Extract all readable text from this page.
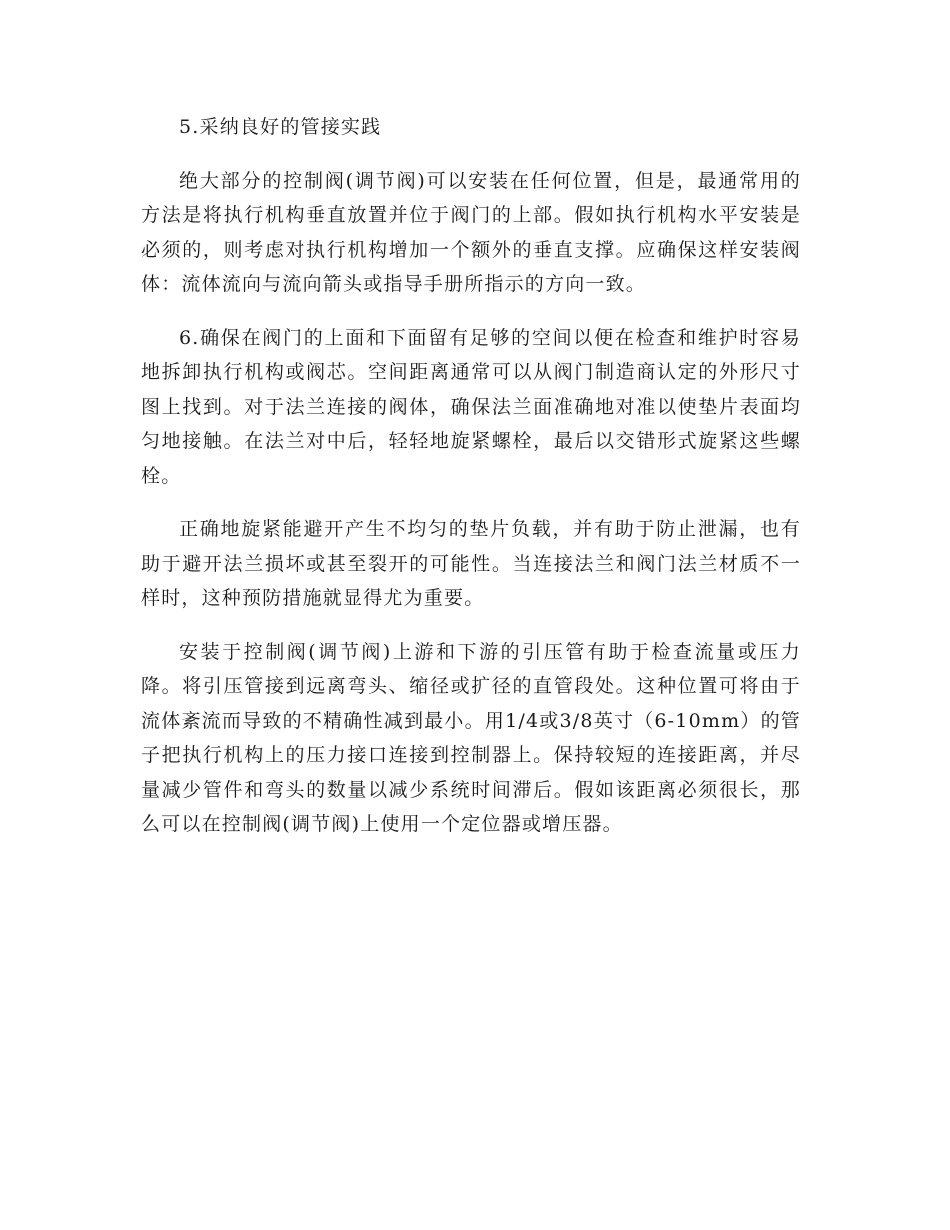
5.采纳良好的管接实践

绝大部分的控制阀(调节阀)可以安装在任何位置，但是，最通常用的方法是将执行机构垂直放置并位于阀门的上部。假如执行机构水平安装是必须的，则考虑对执行机构增加一个额外的垂直支撑。应确保这样安装阀体：流体流向与流向箭头或指导手册所指示的方向一致。

6.确保在阀门的上面和下面留有足够的空间以便在检查和维护时容易地拆卸执行机构或阀芯。空间距离通常可以从阀门制造商认定的外形尺寸图上找到。对于法兰连接的阀体，确保法兰面准确地对准以使垫片表面均匀地接触。在法兰对中后，轻轻地旋紧螺栓，最后以交错形式旋紧这些螺栓。

正确地旋紧能避开产生不均匀的垫片负载，并有助于防止泄漏，也有助于避开法兰损坏或甚至裂开的可能性。当连接法兰和阀门法兰材质不一样时，这种预防措施就显得尤为重要。

安装于控制阀(调节阀)上游和下游的引压管有助于检查流量或压力降。将引压管接到远离弯头、缩径或扩径的直管段处。这种位置可将由于流体紊流而导致的不精确性减到最小。用1/4或3/8英寸（6-10mm）的管子把执行机构上的压力接口连接到控制器上。保持较短的连接距离，并尽量减少管件和弯头的数量以减少系统时间滞后。假如该距离必须很长，那么可以在控制阀(调节阀)上使用一个定位器或增压器。
